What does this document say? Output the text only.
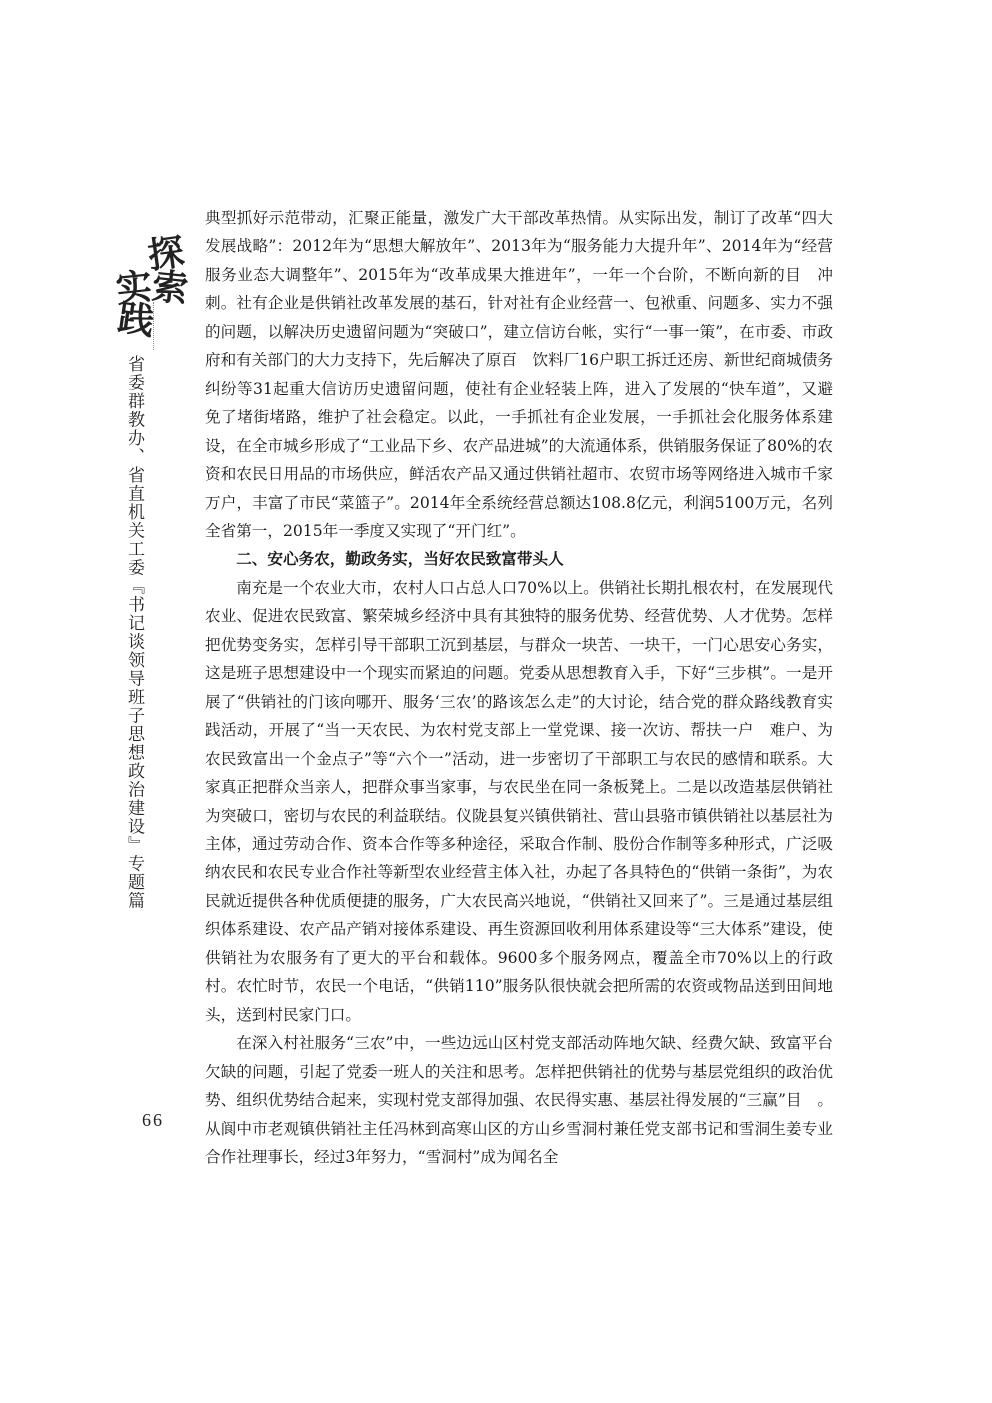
探
索
实
践
省委群教办、省直机关工委『书记谈领导班子思想政治建设』专题篇
66

典型抓好示范带动，汇聚正能量，激发广大干部改革热情。从实际出发，制订了改革“四大发展战略”：2012年为“思想大解放年”、2013年为“服务能力大提升年”、2014年为“经营服务业态大调整年”、2015年为“改革成果大推进年”，一年一个台阶，不断向新的目　冲刺。社有企业是供销社改革发展的基石，针对社有企业经营一、包袱重、问题多、实力不强的问题，以解决历史遗留问题为“突破口”，建立信访台帐，实行“一事一策”，在市委、市政府和有关部门的大力支持下，先后解决了原百　饮料厂16户职工拆迁还房、新世纪商城债务纠纷等31起重大信访历史遗留问题，使社有企业轻装上阵，进入了发展的“快车道”，又避免了堵街堵路，维护了社会稳定。以此，一手抓社有企业发展，一手抓社会化服务体系建设，在全市城乡形成了“工业品下乡、农产品进城”的大流通体系，供销服务保证了80%的农资和农民日用品的市场供应，鲜活农产品又通过供销社超市、农贸市场等网络进入城市千家万户，丰富了市民“菜篮子”。2014年全系统经营总额达108.8亿元，利润5100万元，名列全省第一，2015年一季度又实现了“开门红”。

二、安心务农，勤政务实，当好农民致富带头人

南充是一个农业大市，农村人口占总人口70%以上。供销社长期扎根农村，在发展现代农业、促进农民致富、繁荣城乡经济中具有其独特的服务优势、经营优势、人才优势。怎样把优势变务实，怎样引导干部职工沉到基层，与群众一块苦、一块干，一门心思安心务实，这是班子思想建设中一个现实而紧迫的问题。党委从思想教育入手，下好“三步棋”。一是开展了“供销社的门该向哪开、服务‘三农’的路该怎么走”的大讨论，结合党的群众路线教育实践活动，开展了“当一天农民、为农村党支部上一堂党课、接一次访、帮扶一户　难户、为农民致富出一个金点子”等“六个一”活动，进一步密切了干部职工与农民的感情和联系。大家真正把群众当亲人，把群众事当家事，与农民坐在同一条板凳上。二是以改造基层供销社为突破口，密切与农民的利益联结。仪陇县复兴镇供销社、营山县骆市镇供销社以基层社为主体，通过劳动合作、资本合作等多种途径，采取合作制、股份合作制等多种形式，广泛吸纳农民和农民专业合作社等新型农业经营主体入社，办起了各具特色的“供销一条街”，为农民就近提供各种优质便捷的服务，广大农民高兴地说，“供销社又回来了”。三是通过基层组织体系建设、农产品产销对接体系建设、再生资源回收利用体系建设等“三大体系”建设，使供销社为农服务有了更大的平台和载体。9600多个服务网点，覆盖全市70%以上的行政村。农忙时节，农民一个电话，“供销110”服务队很快就会把所需的农资或物品送到田间地头，送到村民家门口。

在深入村社服务“三农”中，一些边远山区村党支部活动阵地欠缺、经费欠缺、致富平台欠缺的问题，引起了党委一班人的关注和思考。怎样把供销社的优势与基层党组织的政治优势、组织优势结合起来，实现村党支部得加强、农民得实惠、基层社得发展的“三赢”目　。从阆中市老观镇供销社主任冯林到高寒山区的方山乡雪洞村兼任党支部书记和雪洞生姜专业合作社理事长，经过3年努力，“雪洞村”成为闻名全
